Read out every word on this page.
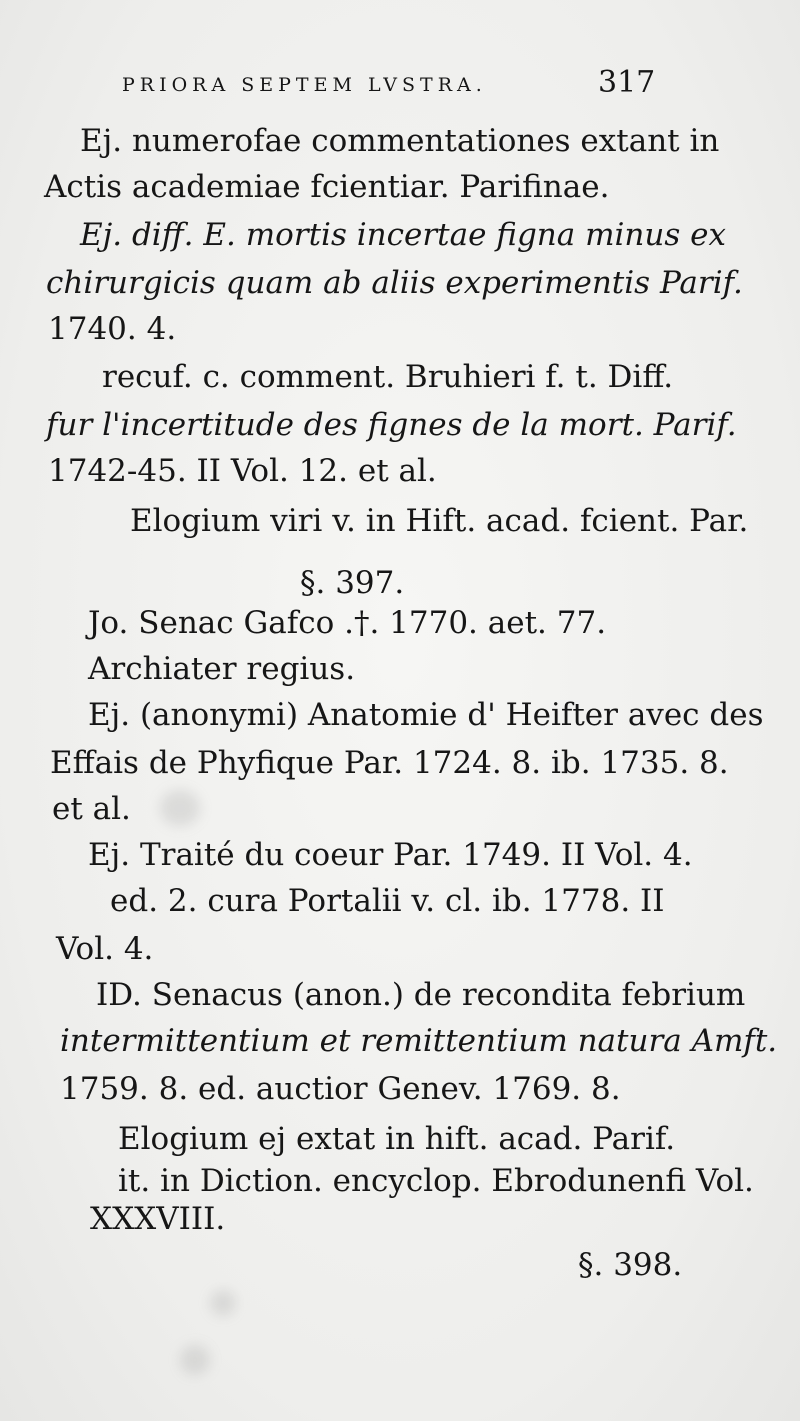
PRIORA SEPTEM LVSTRA.	317
Ej. numerofae commentationes extant in
Actis academiae fcientiar. Parifinae.
Ej. diff. E. mortis incertae figna minus ex
chirurgicis quam ab aliis experimentis Parif.
1740. 4.
recuf. c. comment. Bruhieri f. t. Diff.
fur l'incertitude des fignes de la mort. Parif.
1742-45. II Vol. 12. et al.
Elogium viri v. in Hift. acad. fcient. Par.
§. 397.
Jo. Senac Gafco .†. 1770. aet. 77.
Archiater regius.
Ej. (anonymi) Anatomie d' Heifter avec des
Effais de Phyfique Par. 1724. 8. ib. 1735. 8.
et al.
Ej. Traité du coeur Par. 1749. II Vol. 4.
ed. 2. cura Portalii v. cl. ib. 1778. II
Vol. 4.
ID. Senacus (anon.) de recondita febrium
intermittentium et remittentium natura Amft.
1759. 8. ed. auctior Genev. 1769. 8.
Elogium ej extat in hift. acad. Parif.
it. in Diction. encyclop. Ebrodunenfi Vol.
XXXVIII.
§. 398.
